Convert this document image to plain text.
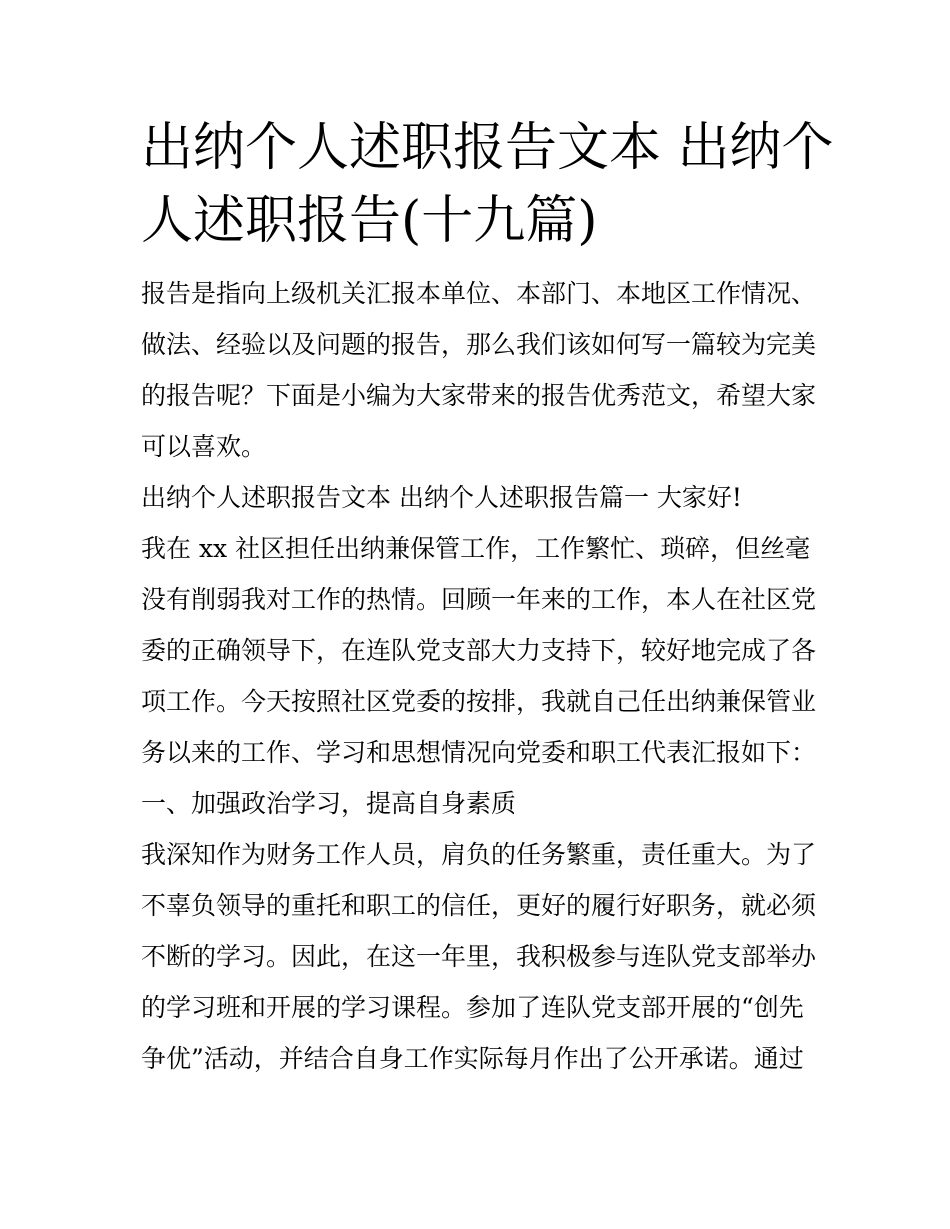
出纳个人述职报告文本 出纳个
人述职报告(十九篇)

报告是指向上级机关汇报本单位、本部门、本地区工作情况、
做法、经验以及问题的报告，那么我们该如何写一篇较为完美
的报告呢？下面是小编为大家带来的报告优秀范文，希望大家
可以喜欢。

出纳个人述职报告文本 出纳个人述职报告篇一 大家好!

我在 xx 社区担任出纳兼保管工作，工作繁忙、琐碎，但丝毫
没有削弱我对工作的热情。回顾一年来的工作，本人在社区党
委的正确领导下，在连队党支部大力支持下，较好地完成了各
项工作。今天按照社区党委的按排，我就自己任出纳兼保管业
务以来的工作、学习和思想情况向党委和职工代表汇报如下：

一、加强政治学习，提高自身素质

我深知作为财务工作人员，肩负的任务繁重，责任重大。为了
不辜负领导的重托和职工的信任，更好的履行好职务，就必须
不断的学习。因此，在这一年里，我积极参与连队党支部举办
的学习班和开展的学习课程。参加了连队党支部开展的“创先
争优”活动，并结合自身工作实际每月作出了公开承诺。通过
